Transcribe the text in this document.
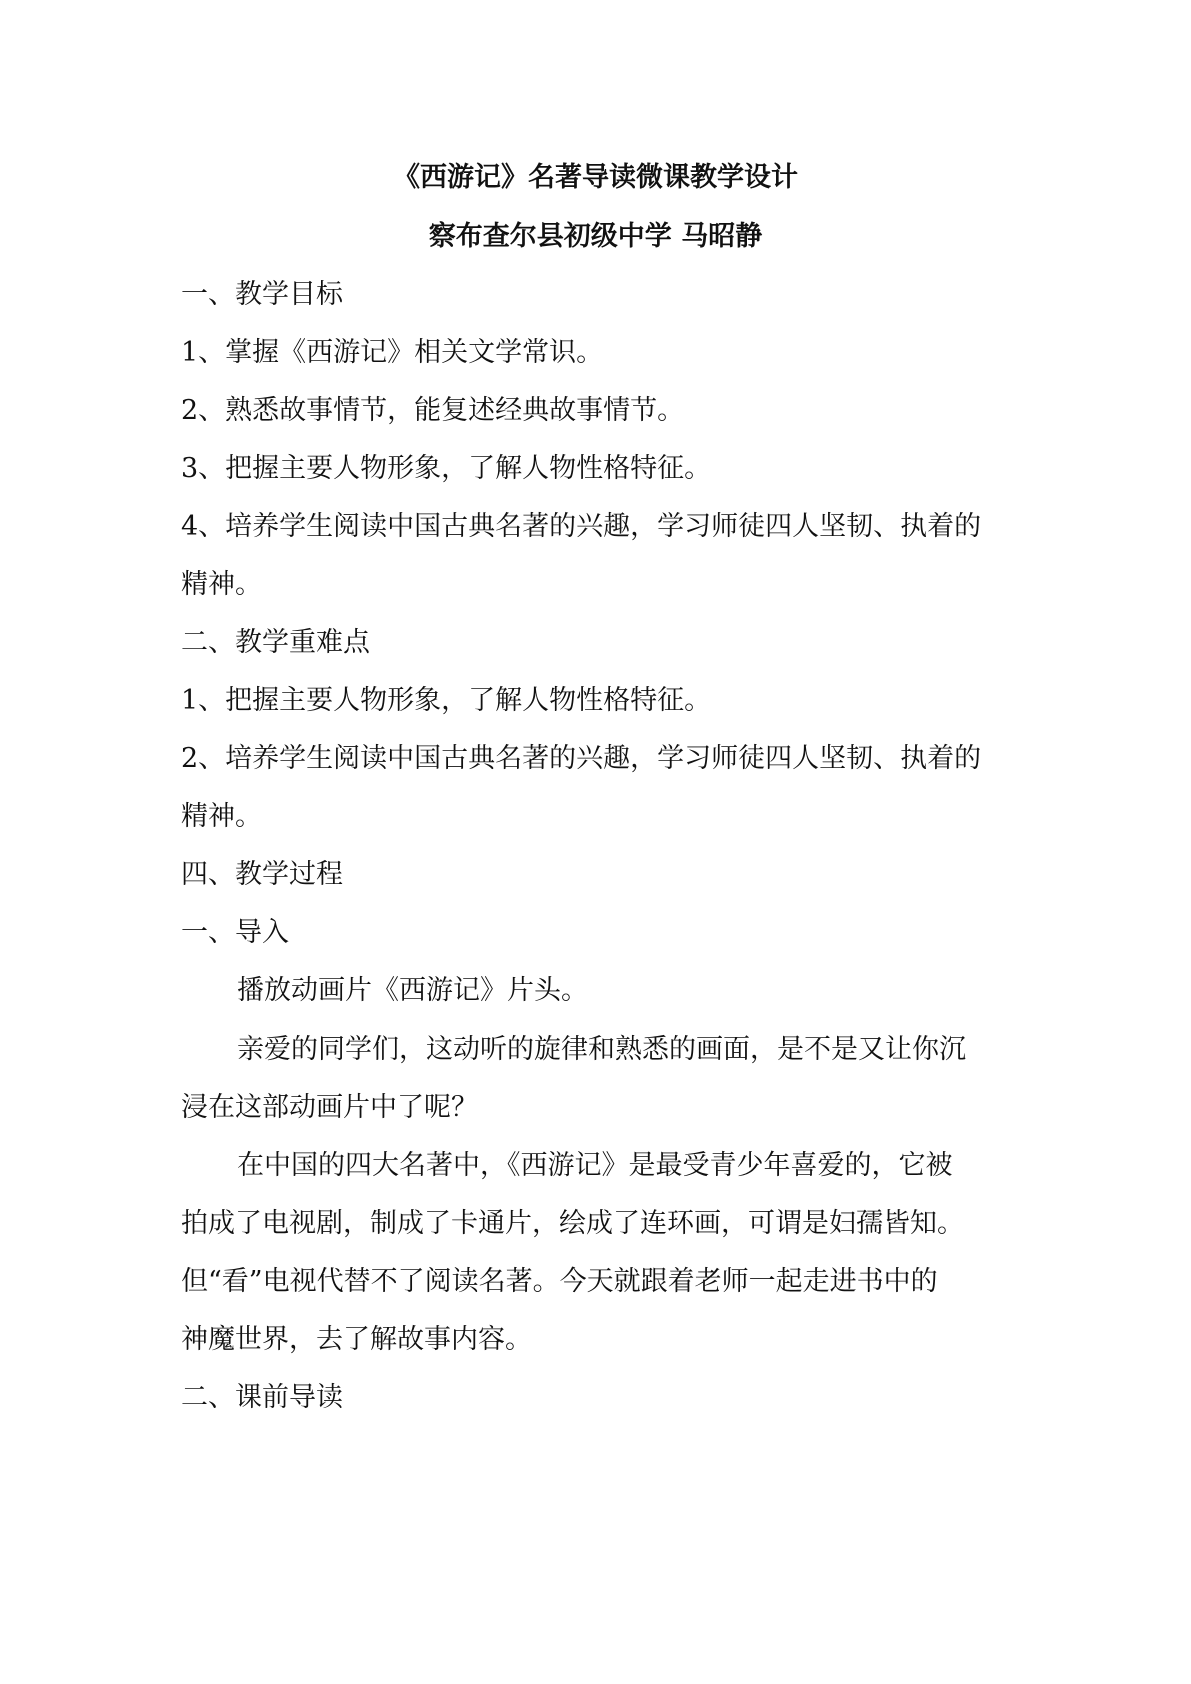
《西游记》名著导读微课教学设计
察布查尔县初级中学 马昭静
一、教学目标
1、掌握《西游记》相关文学常识。
2、熟悉故事情节，能复述经典故事情节。
3、把握主要人物形象，了解人物性格特征。
4、培养学生阅读中国古典名著的兴趣，学习师徒四人坚韧、执着的
精神。
二、教学重难点
1、把握主要人物形象，了解人物性格特征。
2、培养学生阅读中国古典名著的兴趣，学习师徒四人坚韧、执着的
精神。
四、教学过程
一、导入
播放动画片《西游记》片头。
亲爱的同学们，这动听的旋律和熟悉的画面，是不是又让你沉
浸在这部动画片中了呢？
在中国的四大名著中，《西游记》是最受青少年喜爱的，它被
拍成了电视剧，制成了卡通片，绘成了连环画，可谓是妇孺皆知。
但“看”电视代替不了阅读名著。今天就跟着老师一起走进书中的
神魔世界，去了解故事内容。
二、课前导读
